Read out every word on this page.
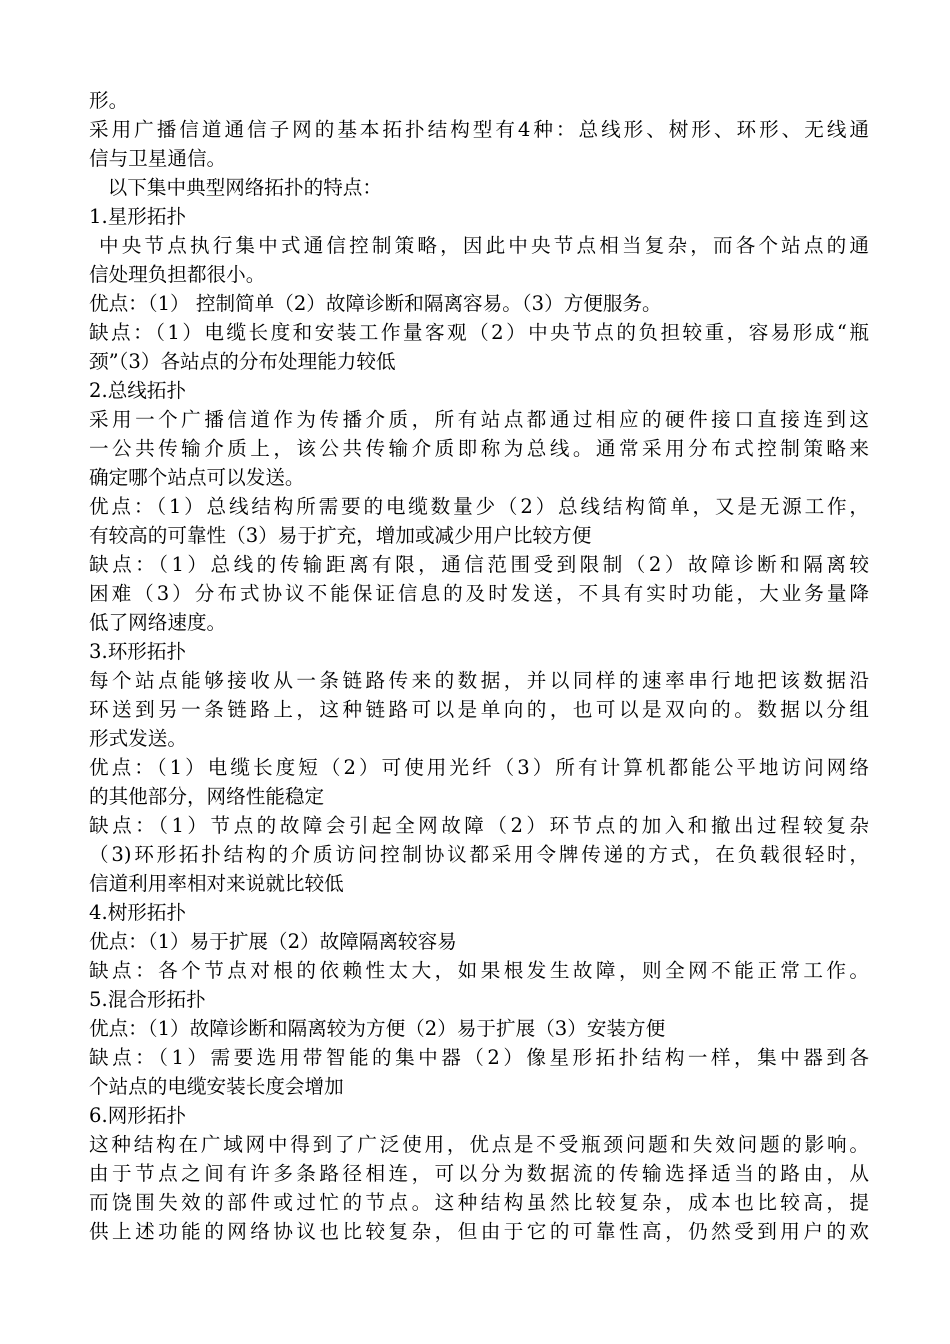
形。
采用广播信道通信子网的基本拓扑结构型有4种：总线形、树形、环形、无线通
信与卫星通信。
以下集中典型网络拓扑的特点：
1.星形拓扑
中央节点执行集中式通信控制策略，因此中央节点相当复杂，而各个站点的通
信处理负担都很小。
优点：（1） 控制简单（2）故障诊断和隔离容易。（3）方便服务。
缺点：（1）电缆长度和安装工作量客观（2）中央节点的负担较重，容易形成“瓶
颈”（3）各站点的分布处理能力较低
2.总线拓扑
采用一个广播信道作为传播介质，所有站点都通过相应的硬件接口直接连到这
一公共传输介质上，该公共传输介质即称为总线。通常采用分布式控制策略来
确定哪个站点可以发送。
优点：（1）总线结构所需要的电缆数量少（2）总线结构简单，又是无源工作，
有较高的可靠性（3）易于扩充，增加或减少用户比较方便
缺点：（1）总线的传输距离有限，通信范围受到限制（2）故障诊断和隔离较
困难（3）分布式协议不能保证信息的及时发送，不具有实时功能，大业务量降
低了网络速度。
3.环形拓扑
每个站点能够接收从一条链路传来的数据，并以同样的速率串行地把该数据沿
环送到另一条链路上，这种链路可以是单向的，也可以是双向的。数据以分组
形式发送。
优点：（1）电缆长度短（2）可使用光纤（3）所有计算机都能公平地访问网络
的其他部分，网络性能稳定
缺点：（1）节点的故障会引起全网故障（2）环节点的加入和撤出过程较复杂
（3)环形拓扑结构的介质访问控制协议都采用令牌传递的方式，在负载很轻时，
信道利用率相对来说就比较低
4.树形拓扑
优点：（1）易于扩展（2）故障隔离较容易
缺点：各个节点对根的依赖性太大，如果根发生故障，则全网不能正常工作。
5.混合形拓扑
优点：（1）故障诊断和隔离较为方便（2）易于扩展（3）安装方便
缺点：（1）需要选用带智能的集中器（2）像星形拓扑结构一样，集中器到各
个站点的电缆安装长度会增加
6.网形拓扑
这种结构在广域网中得到了广泛使用，优点是不受瓶颈问题和失效问题的影响。
由于节点之间有许多条路径相连，可以分为数据流的传输选择适当的路由，从
而饶围失效的部件或过忙的节点。这种结构虽然比较复杂，成本也比较高，提
供上述功能的网络协议也比较复杂，但由于它的可靠性高，仍然受到用户的欢
